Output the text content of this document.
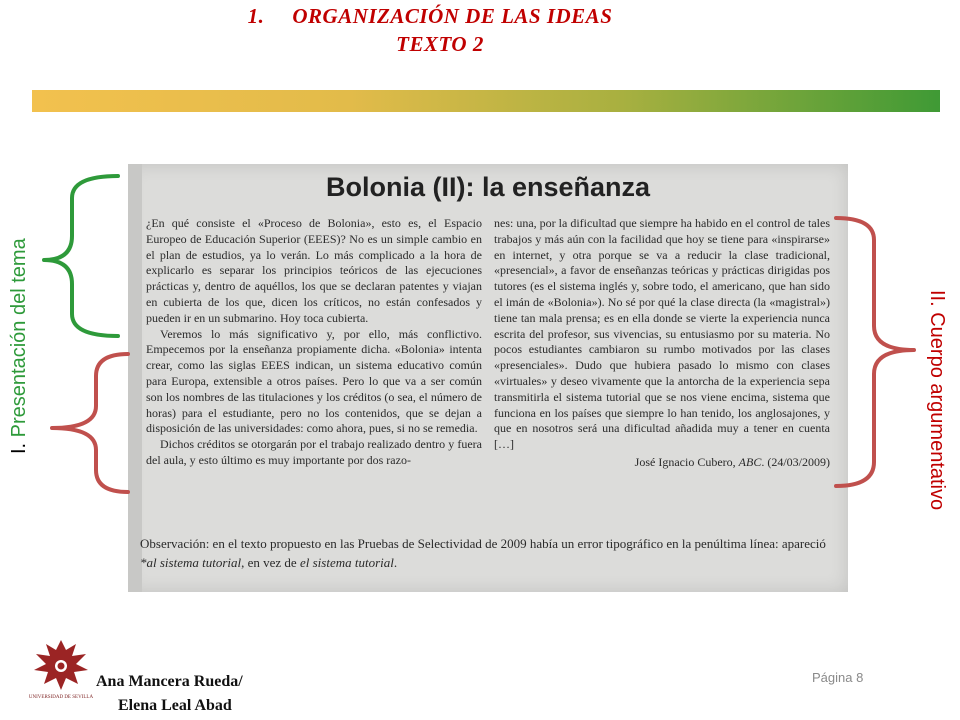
1. ORGANIZACIÓN DE LAS IDEAS
TEXTO 2
Bolonia (II): la enseñanza

¿En qué consiste el «Proceso de Bolonia», esto es, el Espacio Europeo de Educación Superior (EEES)? No es un simple cambio en el plan de estudios, ya lo verán. Lo más complicado a la hora de explicarlo es separar los principios teóricos de las ejecuciones prácticas y, dentro de aquéllos, los que se declaran patentes y viajan en cubierta de los que, dicen los críticos, no están confesados y pueden ir en un submarino. Hoy toca cubierta.

Veremos lo más significativo y, por ello, más conflictivo. Empecemos por la enseñanza propiamente dicha. «Bolonia» intenta crear, como las siglas EEES indican, un sistema educativo común para Europa, extensible a otros países. Pero lo que va a ser común son los nombres de las titulaciones y los créditos (o sea, el número de horas) para el estudiante, pero no los contenidos, que se dejan a disposición de las universidades: como ahora, pues, si no se remedia.

Dichos créditos se otorgarán por el trabajo realizado dentro y fuera del aula, y esto último es muy importante por dos razo-

nes: una, por la dificultad que siempre ha habido en el control de tales trabajos y más aún con la facilidad que hoy se tiene para «inspirarse» en internet, y otra porque se va a reducir la clase tradicional, «presencial», a favor de enseñanzas teóricas y prácticas dirigidas pos tutores (es el sistema inglés y, sobre todo, el americano, que han sido el imán de «Bolonia»). No sé por qué la clase directa (la «magistral») tiene tan mala prensa; es en ella donde se vierte la experiencia nunca escrita del profesor, sus vivencias, su entusiasmo por su materia. No pocos estudiantes cambiaron su rumbo motivados por las clases «presenciales». Dudo que hubiera pasado lo mismo con clases «virtuales» y deseo vivamente que la antorcha de la experiencia sepa transmitirla el sistema tutorial que se nos viene encima, sistema que funciona en los países que siempre lo han tenido, los anglosajones, y que en nosotros será una dificultad añadida muy a tener en cuenta […]

José Ignacio Cubero, ABC. (24/03/2009)
Observación: en el texto propuesto en las Pruebas de Selectividad de 2009 había un error tipográfico en la penúltima línea: apareció *al sistema tutorial, en vez de el sistema tutorial.
I. Presentación del tema	II. Cuerpo argumentativo
UNIVERSIDAD DE SEVILLA
Ana Mancera Rueda/
Elena Leal Abad
Página 8
